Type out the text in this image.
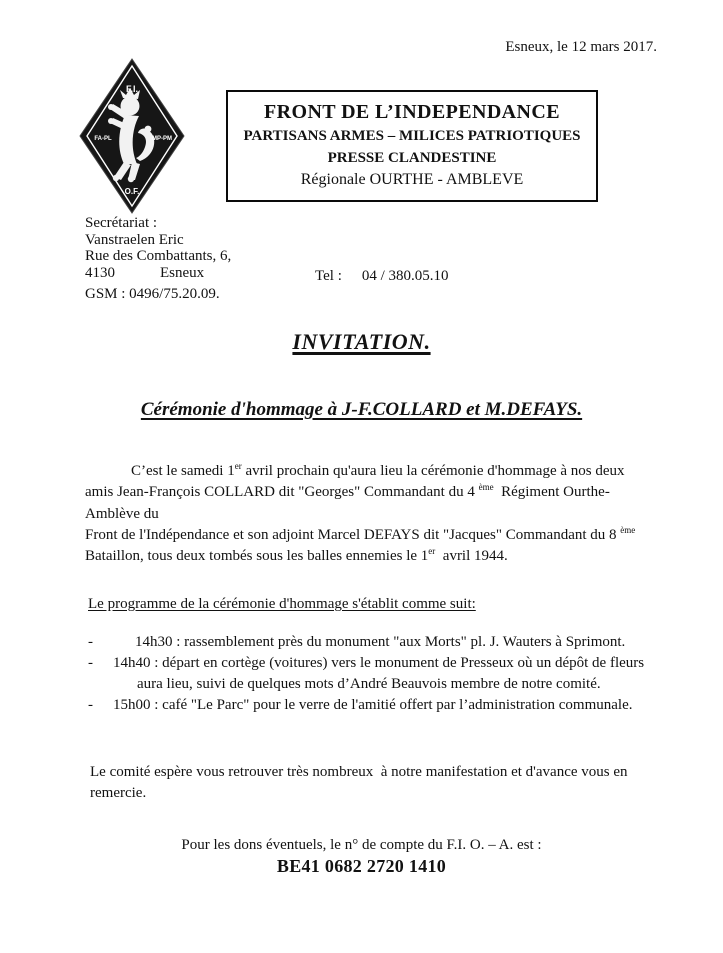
Esneux, le 12 mars 2017.
F.I.
FA-PL	MP-PM
O.F.
FRONT DE L’INDEPENDANCE
PARTISANS ARMES – MILICES PATRIOTIQUES
PRESSE CLANDESTINE
Régionale OURTHE - AMBLEVE
Secrétariat :
Vanstraelen Eric
Rue des Combattants, 6,
4130	Esneux
GSM : 0496/75.20.09.
Tel : 04 / 380.05.10
INVITATION.
Cérémonie d'hommage à J-F.COLLARD et M.DEFAYS.
C’est le samedi 1er avril prochain qu'aura lieu la cérémonie d'hommage à nos deux
amis Jean-François COLLARD dit "Georges" Commandant du 4 $^{ème}$  Régiment Ourthe-
Amblève du
Front de l'Indépendance et son adjoint Marcel DEFAYS dit "Jacques" Commandant du 8 $^{ème}$
Bataillon, tous deux tombés sous les balles ennemies le 1er  avril 1944.
Le programme de la cérémonie d'hommage s'établit comme suit:
-	14h30 : rassemblement près du monument "aux Morts" pl. J. Wauters à Sprimont.
-	14h40 : départ en cortège (voitures) vers le monument de Presseux où un dépôt de fleurs
aura lieu, suivi de quelques mots d’André Beauvois membre de notre comité.
-	15h00 : café "Le Parc" pour le verre de l'amitié offert par l’administration communale.
Le comité espère vous retrouver très nombreux  à notre manifestation et d'avance vous en
remercie.
Pour les dons éventuels, le n° de compte du F.I. O. – A. est :
BE41 0682 2720 1410
